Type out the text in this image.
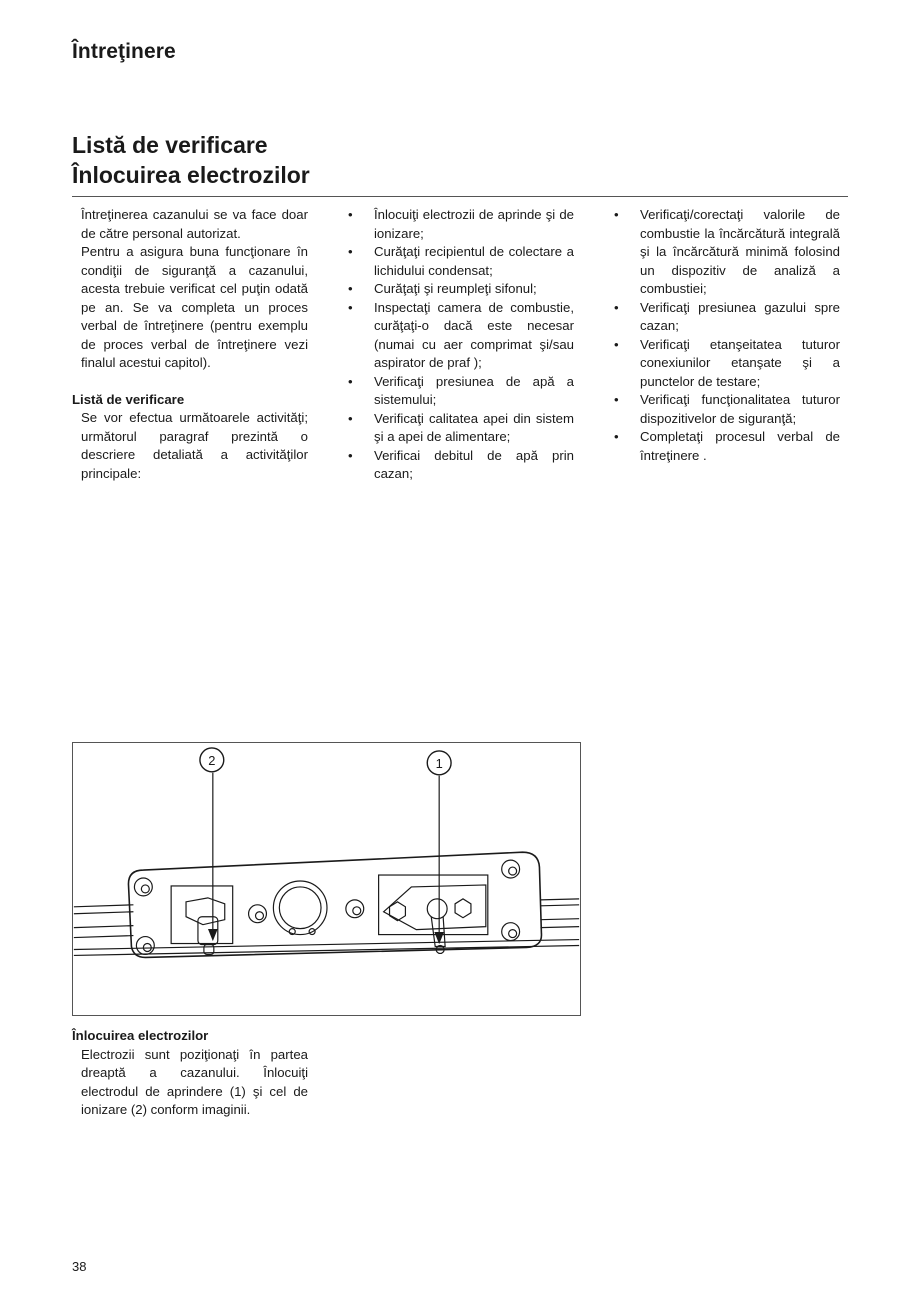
Întreţinere
Listă de verificare
Înlocuirea electrozilor
Întreţinerea cazanului se va face doar de către personal autorizat.
Pentru a asigura buna funcţionare în condiţii de siguranţă a cazanului, acesta trebuie verificat cel puţin odată pe an. Se va completa un proces verbal de întreţinere (pentru exemplu de proces verbal de întreţinere vezi finalul acestui capitol).
Listă de verificare
Se vor efectua următoarele activităţi; următorul paragraf prezintă o descriere detaliată a activităţilor principale:
• Înlocuiţi electrozii de aprinde şi de ionizare;
• Curăţaţi recipientul de colectare a lichidului condensat;
• Curăţaţi şi reumpleţi sifonul;
• Inspectaţi camera de combustie, curăţaţi-o dacă este necesar (numai cu aer comprimat şi/sau aspirator de praf );
• Verificaţi presiunea de apă a sistemului;
• Verificaţi calitatea apei din sistem şi a apei de alimentare;
• Verificai debitul de apă prin cazan;
• Verificaţi/corectaţi valorile de combustie la încărcătură integrală şi la încărcătură minimă folosind un dispozitiv de analiză a combustiei;
• Verificaţi presiunea gazului spre cazan;
• Verificaţi etanşeitatea tuturor conexiunilor etanşate şi a punctelor de testare;
• Verificaţi funcţionalitatea tuturor dispozitivelor de siguranţă;
• Completaţi procesul verbal de întreţinere .
2	1
Înlocuirea electrozilor
Electrozii sunt poziţionaţi în partea dreaptă a cazanului. Înlocuiţi electrodul de aprindere (1) şi cel de ionizare (2) conform imaginii.
38
